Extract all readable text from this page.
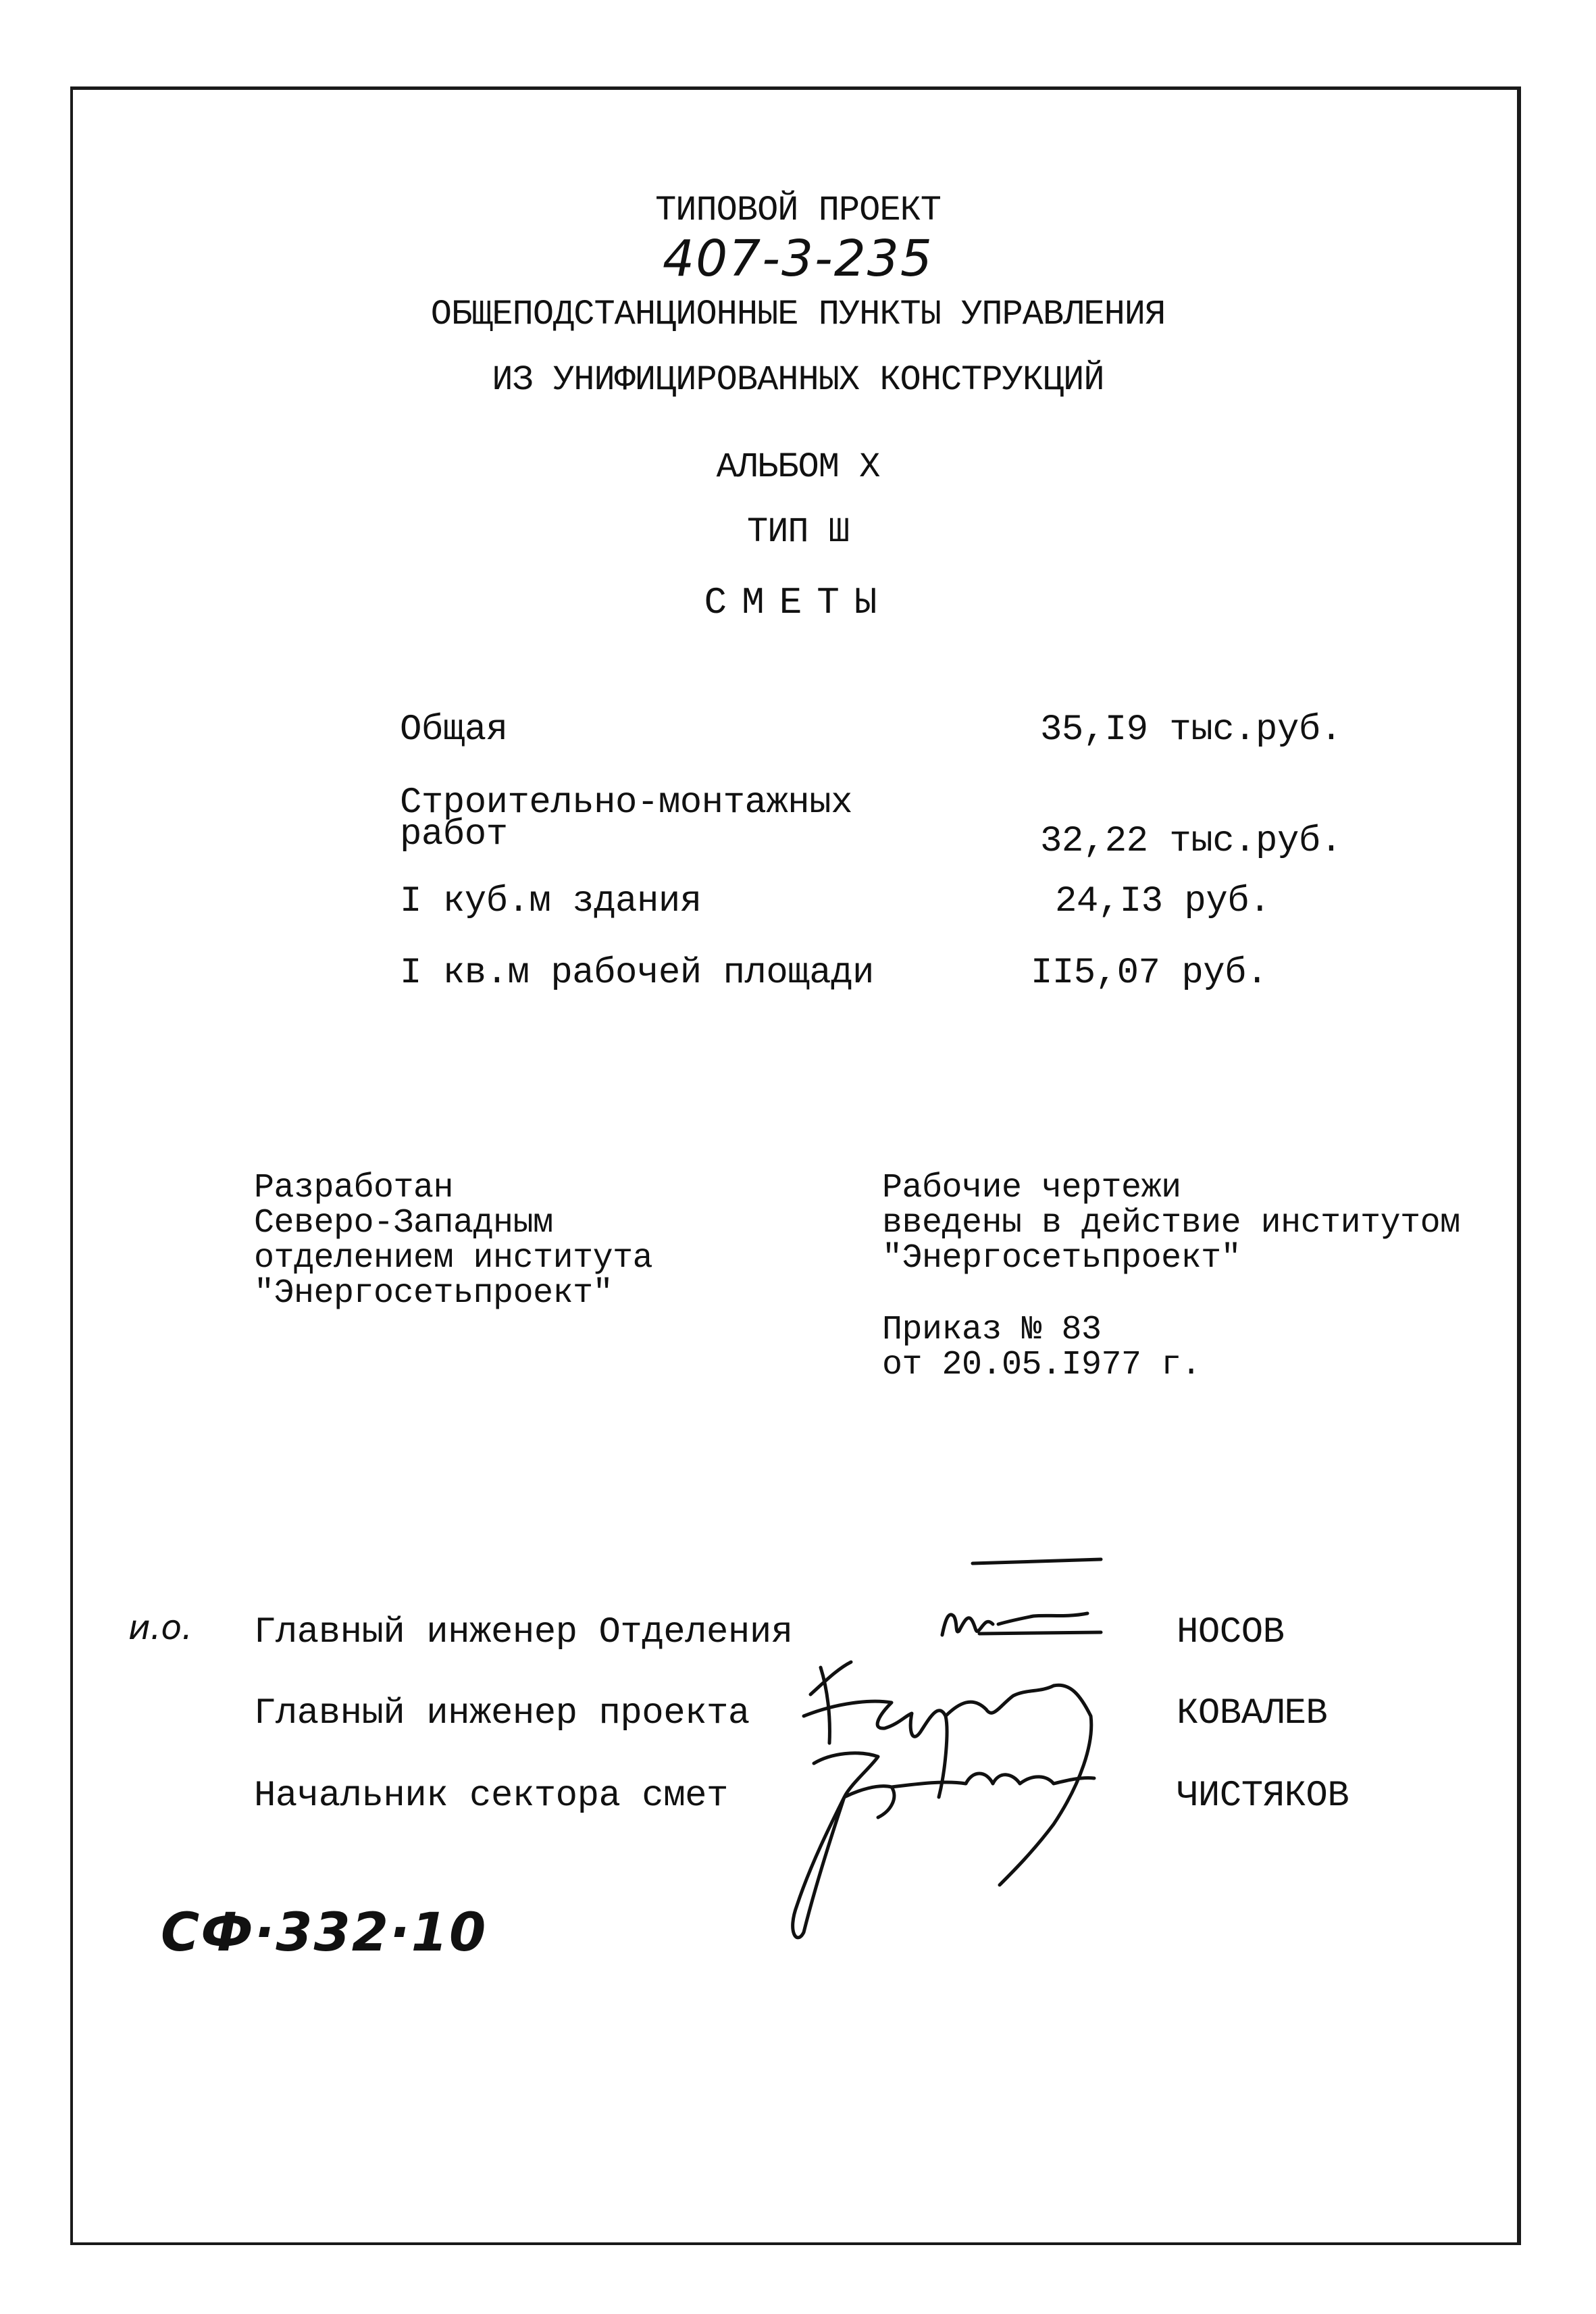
ТИПОВОЙ ПРОЕКТ
407-3-235
ОБЩЕПОДСТАНЦИОННЫЕ ПУНКТЫ УПРАВЛЕНИЯ
ИЗ УНИФИЦИРОВАННЫХ КОНСТРУКЦИЙ
АЛЬБОМ X
ТИП Ш
СМЕТЫ
Общая	35,I9 тыс.руб.
Строительно-монтажных
работ	32,22 тыс.руб.
I куб.м здания	24,I3 руб.
I кв.м рабочей площади	II5,07 руб.
Разработан
Северо-Западным
отделением института
"Энергосетьпроект"
Рабочие чертежи
введены в действие институтом
"Энергосетьпроект"
Приказ № 83
от 20.05.I977 г.
и.о. Главный инженер Отделения	НОСОВ
Главный инженер проекта	КОВАЛЕВ
Начальник сектора смет	ЧИСТЯКОВ
СФ·332·10
